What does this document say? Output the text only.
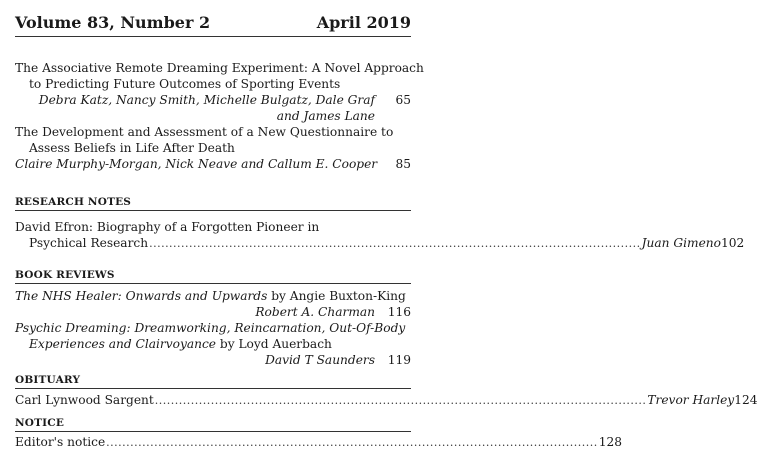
Volume 83, Number 2	April 2019
The Associative Remote Dreaming Experiment: A Novel Approach
to Predicting Future Outcomes of Sporting Events
Debra Katz, Nancy Smith, Michelle Bulgatz, Dale Graf 65
and James Lane
The Development and Assessment of a New Questionnaire to
Assess Beliefs in Life After Death
Claire Murphy-Morgan, Nick Neave and Callum E. Cooper 85
RESEARCH NOTES
David Efron: Biography of a Forgotten Pioneer in
Psychical Research ........................................................................................................................... Juan Gimeno 102
BOOK REVIEWS
The NHS Healer: Onwards and Upwards by Angie Buxton-King
Robert A. Charman 116
Psychic Dreaming: Dreamworking, Reincarnation, Out-Of-Body
Experiences and Clairvoyance by Loyd Auerbach
David T Saunders 119
OBITUARY
Carl Lynwood Sargent ........................................................................................................................... Trevor Harley 124
NOTICE
Editor's notice ........................................................................................................................... 128
